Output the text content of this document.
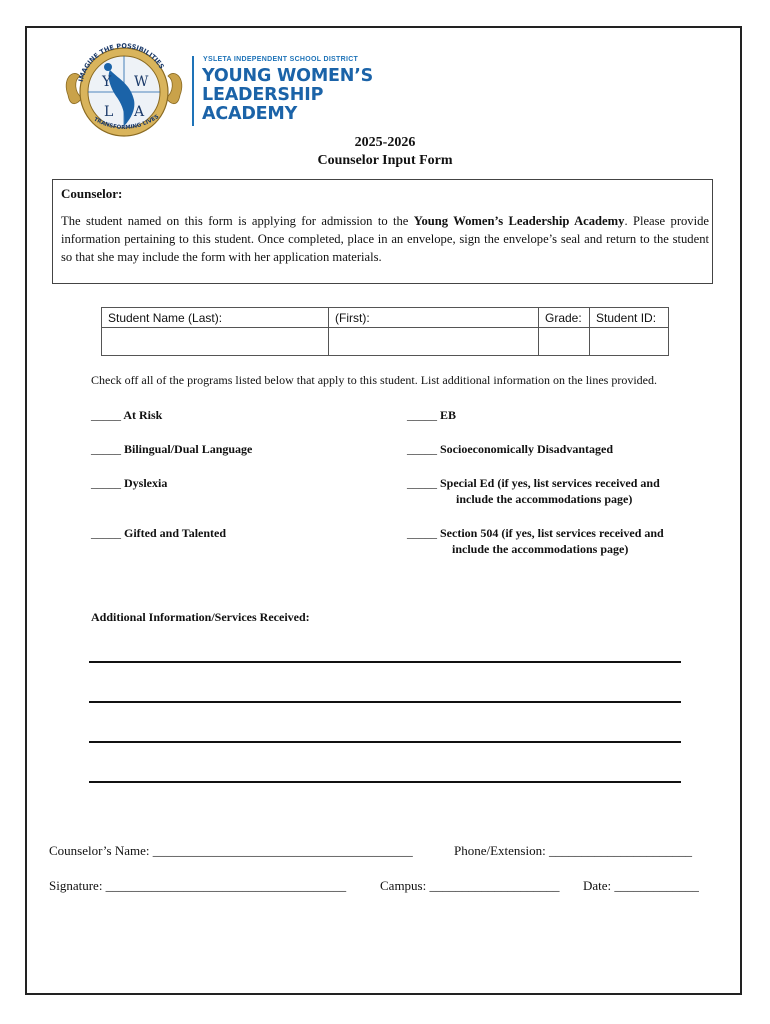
IMAGINE THE POSSIBILITIES
TRANSFORMING LIVES
Y W
L A
YSLETA INDEPENDENT SCHOOL DISTRICT
YOUNG WOMEN’S
LEADERSHIP
ACADEMY
2025-2026
Counselor Input Form
Counselor:
The student named on this form is applying for admission to the Young Women’s Leadership Academy. Please provide information pertaining to this student. Once completed, place in an envelope, sign the envelope’s seal and return to the student so that she may include the form with her application materials.
Student Name (Last):	(First):	Grade:	Student ID:

Check off all of the programs listed below that apply to this student. List additional information on the lines provided.
_____ At Risk
_____ Bilingual/Dual Language
_____ Dyslexia
_____ Gifted and Talented
_____ EB
_____ Socioeconomically Disadvantaged
_____ Special Ed (if yes, list services received and
include the accommodations page)
_____ Section 504 (if yes, list services received and
include the accommodations page)
Additional Information/Services Received:
Counselor’s Name: ________________________________________	Phone/Extension: ______________________
Signature: _____________________________________	Campus: ____________________ Date: _____________
